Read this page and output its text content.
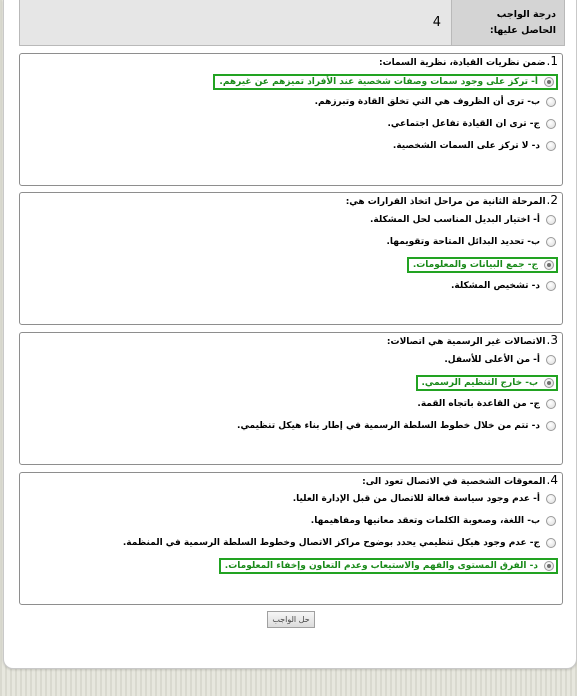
درجة الواجب الحاصل عليها:
4
1
.
ضمن نظريات القيادة، نظرية السمات:
أ- تركز على وجود سمات وصفات شخصية عند الأفراد تميزهم عن غيرهم.
ب- ترى أن الظروف هي التي تخلق القادة وتبرزهم.
ج- ترى ان القيادة تفاعل اجتماعي.
د- لا تركز على السمات الشخصية.
2
.
المرحلة الثانية من مراحل اتخاذ القرارات هي:
أ- اختيار البديل المناسب لحل المشكلة.
ب- تحديد البدائل المتاحة وتقويمها.
ج- جمع البيانات والمعلومات.
د- تشخيص المشكلة.
3
.
الاتصالات غير الرسمية هي اتصالات:
أ- من الأعلى للأسفل.
ب- خارج التنظيم الرسمي.
ج- من القاعدة باتجاه القمة.
د- تتم من خلال خطوط السلطة الرسمية في إطار بناء هيكل تنظيمي.
4
.
المعوقات الشخصية في الاتصال تعود الى:
أ- عدم وجود سياسة فعالة للاتصال من قبل الإدارة العليا.
ب- اللغة، وصعوبة الكلمات وتعقد معانيها ومفاهيمها.
ج- عدم وجود هيكل تنظيمي يحدد بوضوح مراكز الاتصال وخطوط السلطة الرسمية في المنظمة.
د- الفرق المستوى والفهم والاستيعاب وعدم التعاون وإخفاء المعلومات.
حل الواجب
